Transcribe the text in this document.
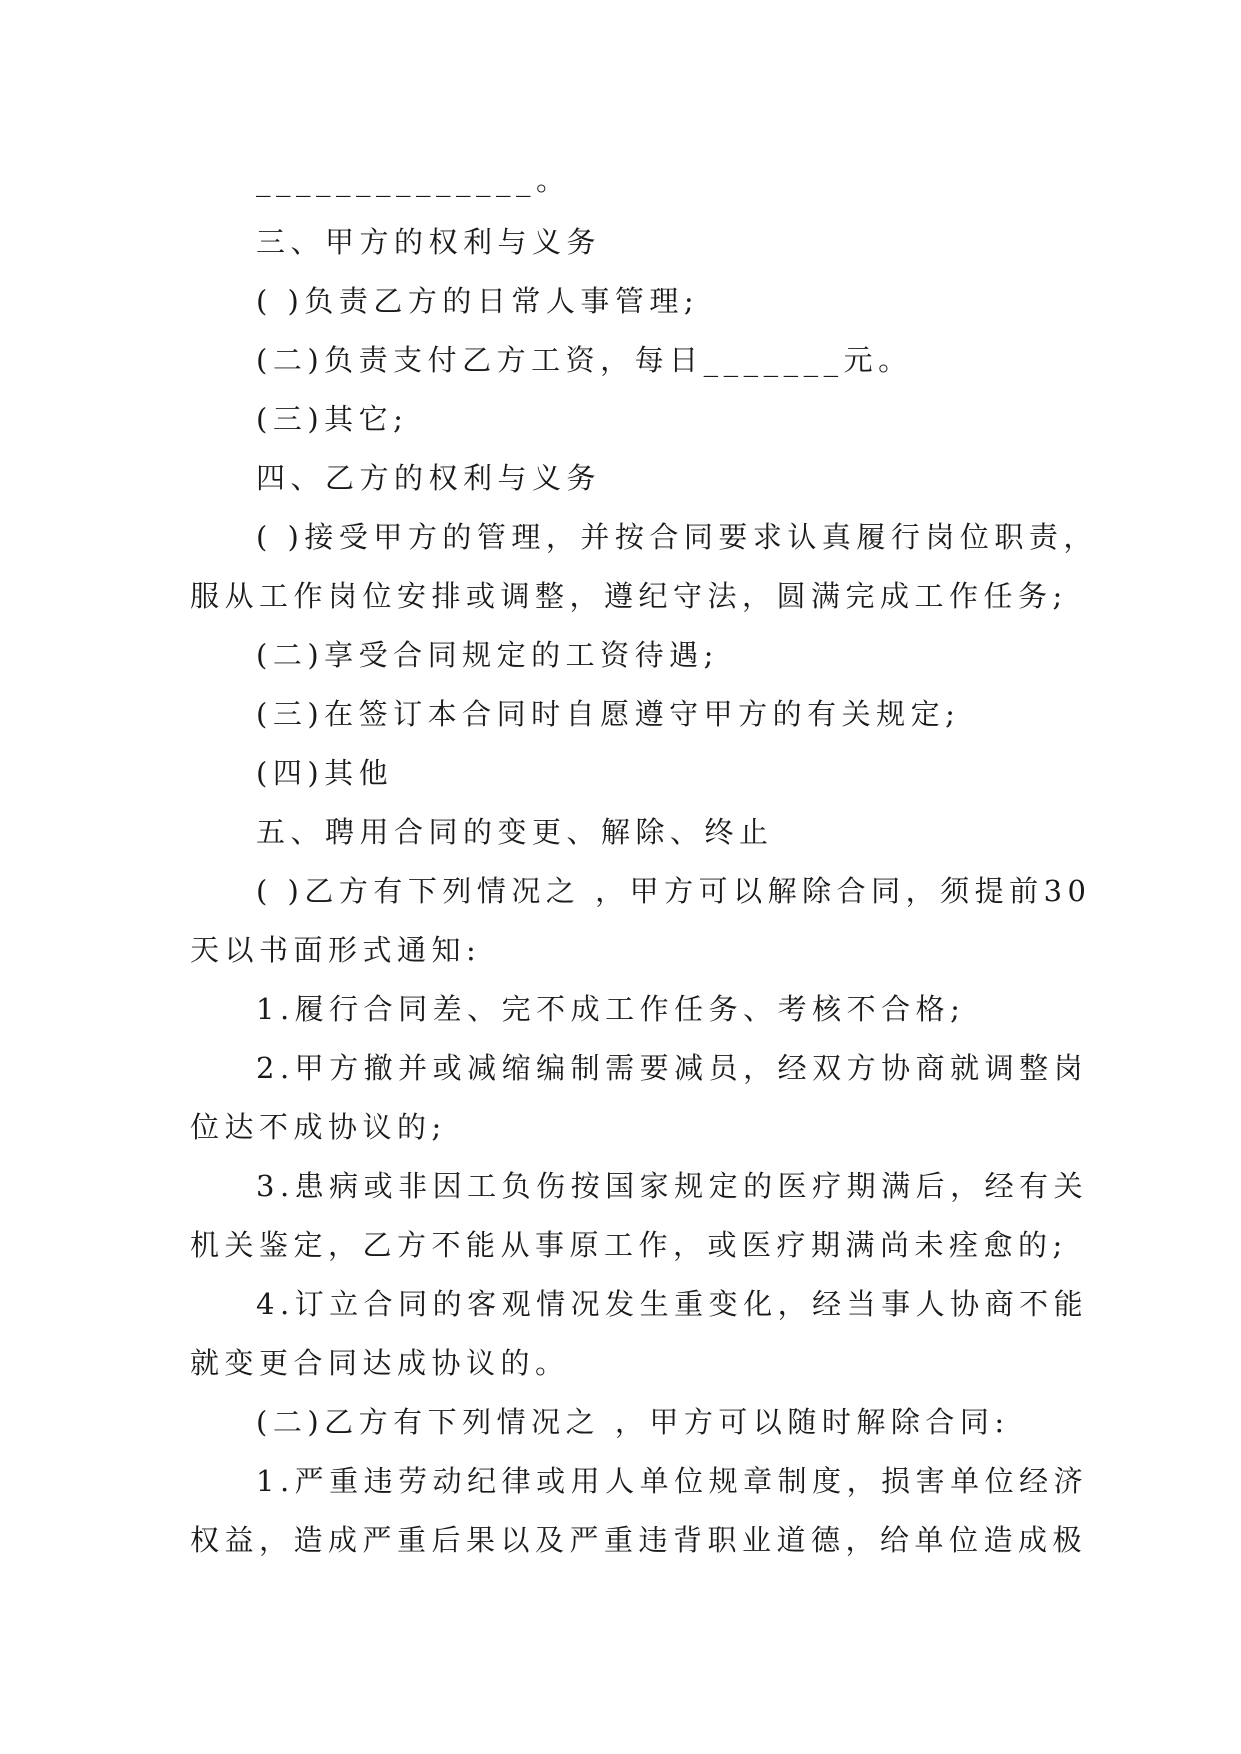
______________。
三、甲方的权利与义务
( )负责乙方的日常人事管理;
(二)负责支付乙方工资，每日_______元。
(三)其它;
四、乙方的权利与义务
( )接受甲方的管理，并按合同要求认真履行岗位职责，
服从工作岗位安排或调整，遵纪守法，圆满完成工作任务;
(二)享受合同规定的工资待遇;
(三)在签订本合同时自愿遵守甲方的有关规定;
(四)其他
五、聘用合同的变更、解除、终止
( )乙方有下列情况之 ，甲方可以解除合同，须提前30
天以书面形式通知:
1.履行合同差、完不成工作任务、考核不合格;
2.甲方撤并或减缩编制需要减员，经双方协商就调整岗
位达不成协议的;
3.患病或非因工负伤按国家规定的医疗期满后，经有关
机关鉴定，乙方不能从事原工作，或医疗期满尚未痊愈的;
4.订立合同的客观情况发生重变化，经当事人协商不能
就变更合同达成协议的。
(二)乙方有下列情况之 ，甲方可以随时解除合同:
1.严重违劳动纪律或用人单位规章制度，损害单位经济
权益，造成严重后果以及严重违背职业道德，给单位造成极
